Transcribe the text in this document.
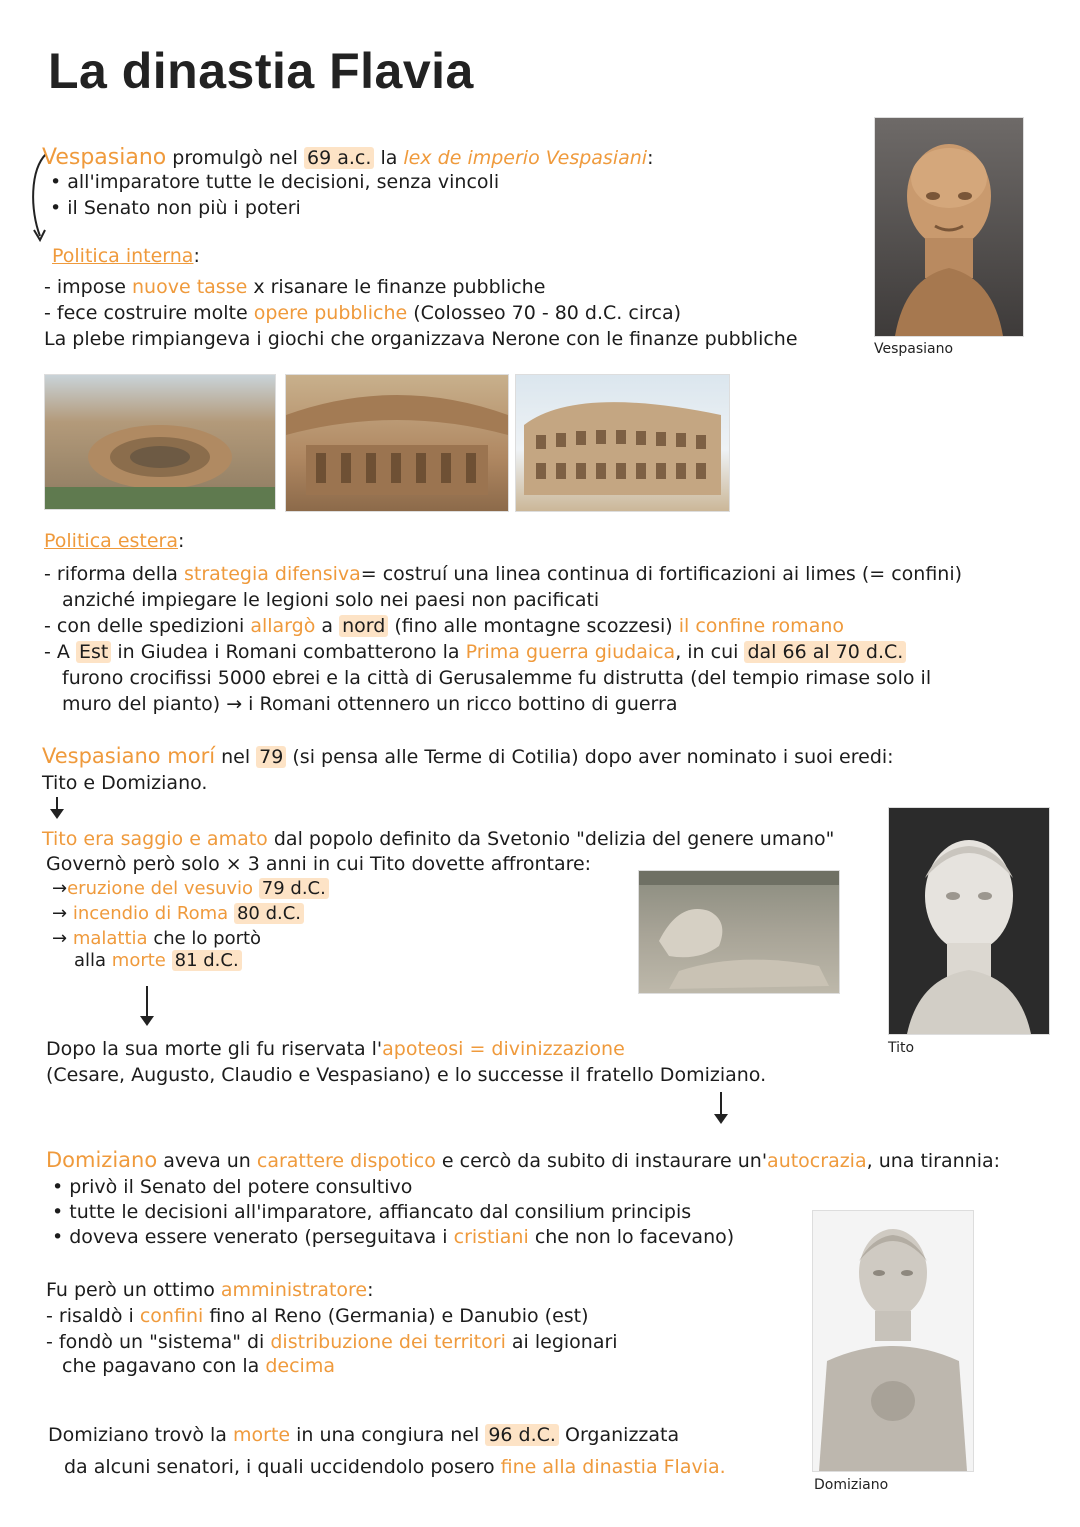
La dinastia Flavia
Vespasiano promulgò nel 69 a.c. la lex de imperio Vespasiani:
• all'imparatore tutte le decisioni, senza vincoli
• il Senato non più i poteri
Politica interna:
- impose nuove tasse x risanare le finanze pubbliche
- fece costruire molte opere pubbliche (Colosseo 70 - 80 d.C. circa)
La plebe rimpiangeva i giochi che organizzava Nerone con le finanze pubbliche	Vespasiano
Politica estera:
- riforma della strategia difensiva= costruí una linea continua di fortificazioni ai limes (= confini)
anziché impiegare le legioni solo nei paesi non pacificati
- con delle spedizioni allargò a nord (fino alle montagne scozzesi) il confine romano
- A Est in Giudea i Romani combatterono la Prima guerra giudaica, in cui dal 66 al 70 d.C.
furono crocifissi 5000 ebrei e la città di Gerusalemme fu distrutta (del tempio rimase solo il
muro del pianto) → i Romani ottennero un ricco bottino di guerra
Vespasiano morí nel 79 (si pensa alle Terme di Cotilia) dopo aver nominato i suoi eredi:
Tito e Domiziano.
Tito era saggio e amato dal popolo definito da Svetonio "delizia del genere umano"
Governò però solo × 3 anni in cui Tito dovette affrontare:
→eruzione del vesuvio 79 d.C.
→ incendio di Roma 80 d.C.
→ malattia che lo portò
alla morte 81 d.C.
Tito
Dopo la sua morte gli fu riservata l'apoteosi = divinizzazione
(Cesare, Augusto, Claudio e Vespasiano) e lo successe il fratello Domiziano.
Domiziano aveva un carattere dispotico e cercò da subito di instaurare un'autocrazia, una tirannia:
• privò il Senato del potere consultivo
• tutte le decisioni all'imparatore, affiancato dal consilium principis
• doveva essere venerato (perseguitava i cristiani che non lo facevano)
Fu però un ottimo amministratore:
- risaldò i confini fino al Reno (Germania) e Danubio (est)
- fondò un "sistema" di distribuzione dei territori ai legionari
che pagavano con la decima
Domiziano trovò la morte in una congiura nel 96 d.C. Organizzata
da alcuni senatori, i quali uccidendolo posero fine alla dinastia Flavia.
Domiziano
